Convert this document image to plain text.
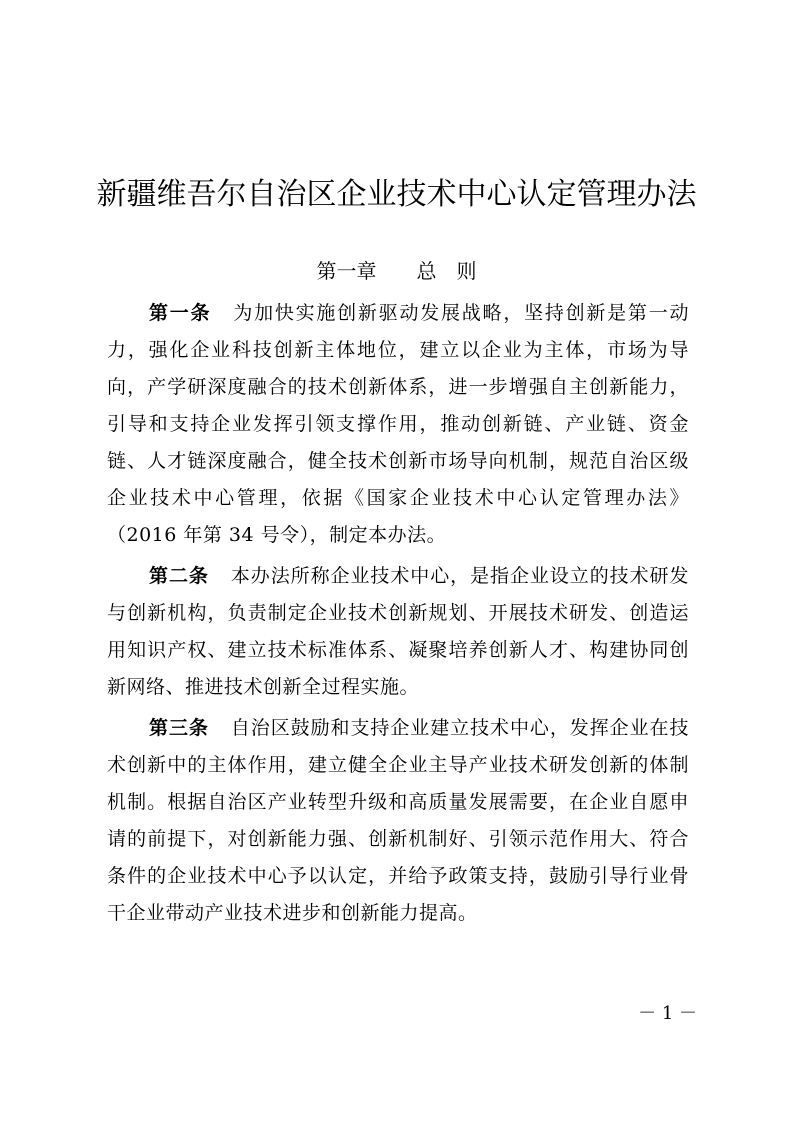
新疆维吾尔自治区企业技术中心认定管理办法
第一章　　总　则

第一条 为加快实施创新驱动发展战略，坚持创新是第一动力，强化企业科技创新主体地位，建立以企业为主体，市场为导向，产学研深度融合的技术创新体系，进一步增强自主创新能力，引导和支持企业发挥引领支撑作用，推动创新链、产业链、资金链、人才链深度融合，健全技术创新市场导向机制，规范自治区级企业技术中心管理，依据《国家企业技术中心认定管理办法》（2016 年第 34 号令），制定本办法。

第二条 本办法所称企业技术中心，是指企业设立的技术研发与创新机构，负责制定企业技术创新规划、开展技术研发、创造运用知识产权、建立技术标准体系、凝聚培养创新人才、构建协同创新网络、推进技术创新全过程实施。

第三条 自治区鼓励和支持企业建立技术中心，发挥企业在技术创新中的主体作用，建立健全企业主导产业技术研发创新的体制机制。根据自治区产业转型升级和高质量发展需要，在企业自愿申请的前提下，对创新能力强、创新机制好、引领示范作用大、符合条件的企业技术中心予以认定，并给予政策支持，鼓励引导行业骨干企业带动产业技术进步和创新能力提高。

－ 1 －
